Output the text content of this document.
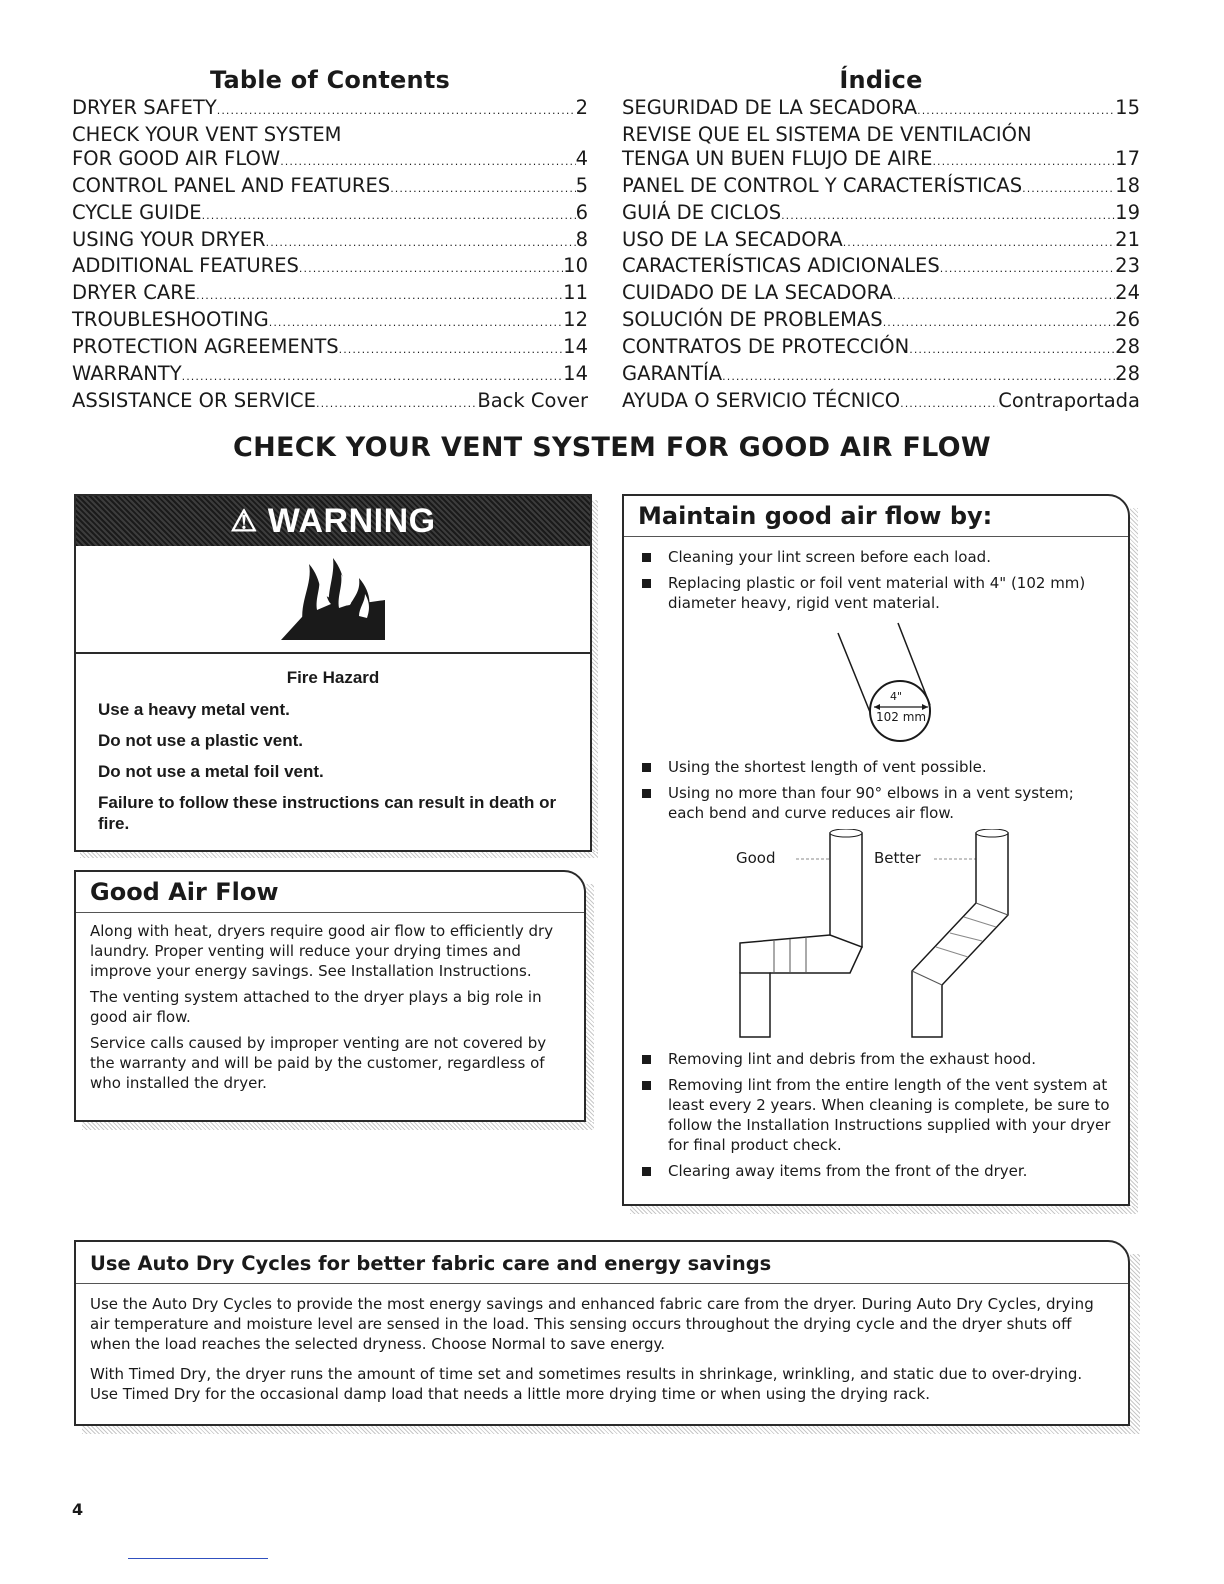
Table of Contents
DRYER SAFETY . . .	2
CHECK YOUR VENT SYSTEM
FOR GOOD AIR FLOW . . .	4
CONTROL PANEL AND FEATURES . . .	5
CYCLE GUIDE . . .	6
USING YOUR DRYER . . .	8
ADDITIONAL FEATURES . . .	10
DRYER CARE . . .	11
TROUBLESHOOTING . . .	12
PROTECTION AGREEMENTS . . .	14
WARRANTY . . .	14
ASSISTANCE OR SERVICE . . .	Back Cover
Índice
SEGURIDAD DE LA SECADORA . . .	15
REVISE QUE EL SISTEMA DE VENTILACIÓN
TENGA UN BUEN FLUJO DE AIRE . . .	17
PANEL DE CONTROL Y CARACTERÍSTICAS . . .	18
GUIÁ DE CICLOS . . .	19
USO DE LA SECADORA . . .	21
CARACTERÍSTICAS ADICIONALES . . .	23
CUIDADO DE LA SECADORA . . .	24
SOLUCIÓN DE PROBLEMAS . . .	26
CONTRATOS DE PROTECCIÓN . . .	28
GARANTÍA . . .	28
AYUDA O SERVICIO TÉCNICO . . .	Contraportada
CHECK YOUR VENT SYSTEM FOR GOOD AIR FLOW
⚠ WARNING
Fire Hazard

Use a heavy metal vent.

Do not use a plastic vent.

Do not use a metal foil vent.

Failure to follow these instructions can result in death or fire.

Good Air Flow

Along with heat, dryers require good air flow to efficiently dry laundry. Proper venting will reduce your drying times and improve your energy savings. See Installation Instructions.

The venting system attached to the dryer plays a big role in good air flow.

Service calls caused by improper venting are not covered by the warranty and will be paid by the customer, regardless of who installed the dryer.

Maintain good air flow by:
Cleaning your lint screen before each load.
Replacing plastic or foil vent material with 4" (102 mm) diameter heavy, rigid vent material.
4"
102 mm
Using the shortest length of vent possible.
Using no more than four 90° elbows in a vent system; each bend and curve reduces air flow.
Good	Better
Removing lint and debris from the exhaust hood.
Removing lint from the entire length of the vent system at least every 2 years. When cleaning is complete, be sure to follow the Installation Instructions supplied with your dryer for final product check.
Clearing away items from the front of the dryer.
Use Auto Dry Cycles for better fabric care and energy savings

Use the Auto Dry Cycles to provide the most energy savings and enhanced fabric care from the dryer. During Auto Dry Cycles, drying air temperature and moisture level are sensed in the load. This sensing occurs throughout the drying cycle and the dryer shuts off when the load reaches the selected dryness. Choose Normal to save energy.

With Timed Dry, the dryer runs the amount of time set and sometimes results in shrinkage, wrinkling, and static due to over-drying. Use Timed Dry for the occasional damp load that needs a little more drying time or when using the drying rack.

4
